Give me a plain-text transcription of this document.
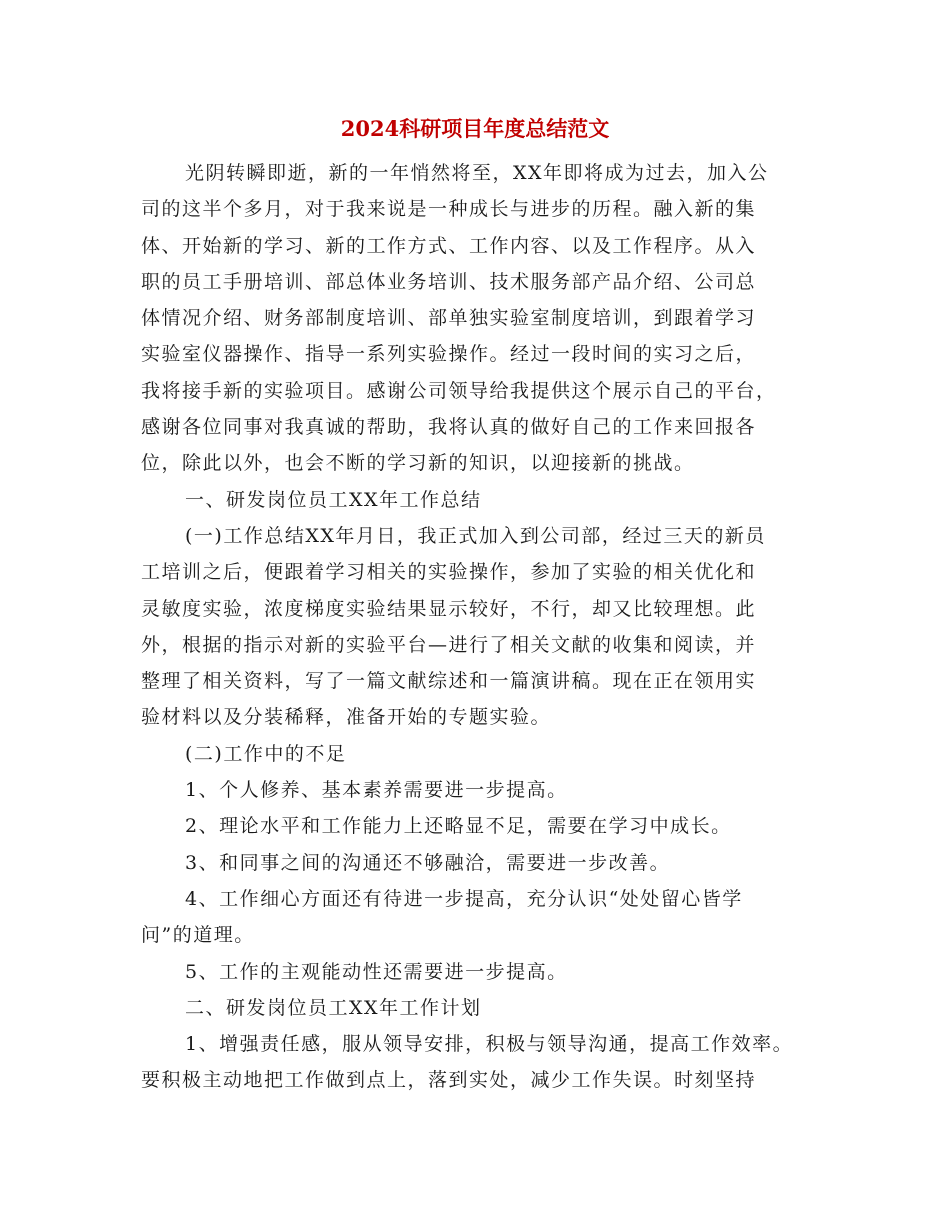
2024科研项目年度总结范文
光阴转瞬即逝，新的一年悄然将至，XX年即将成为过去，加入公
司的这半个多月，对于我来说是一种成长与进步的历程。融入新的集
体、开始新的学习、新的工作方式、工作内容、以及工作程序。从入
职的员工手册培训、部总体业务培训、技术服务部产品介绍、公司总
体情况介绍、财务部制度培训、部单独实验室制度培训，到跟着学习
实验室仪器操作、指导一系列实验操作。经过一段时间的实习之后，
我将接手新的实验项目。感谢公司领导给我提供这个展示自己的平台，
感谢各位同事对我真诚的帮助，我将认真的做好自己的工作来回报各
位，除此以外，也会不断的学习新的知识，以迎接新的挑战。
一、研发岗位员工XX年工作总结
(一)工作总结XX年月日，我正式加入到公司部，经过三天的新员
工培训之后，便跟着学习相关的实验操作，参加了实验的相关优化和
灵敏度实验，浓度梯度实验结果显示较好，不行，却又比较理想。此
外，根据的指示对新的实验平台—进行了相关文献的收集和阅读，并
整理了相关资料，写了一篇文献综述和一篇演讲稿。现在正在领用实
验材料以及分装稀释，准备开始的专题实验。
(二)工作中的不足
1、个人修养、基本素养需要进一步提高。
2、理论水平和工作能力上还略显不足，需要在学习中成长。
3、和同事之间的沟通还不够融洽，需要进一步改善。
4、工作细心方面还有待进一步提高，充分认识“处处留心皆学
问”的道理。
5、工作的主观能动性还需要进一步提高。
二、研发岗位员工XX年工作计划
1、增强责任感，服从领导安排，积极与领导沟通，提高工作效率。
要积极主动地把工作做到点上，落到实处，减少工作失误。时刻坚持
